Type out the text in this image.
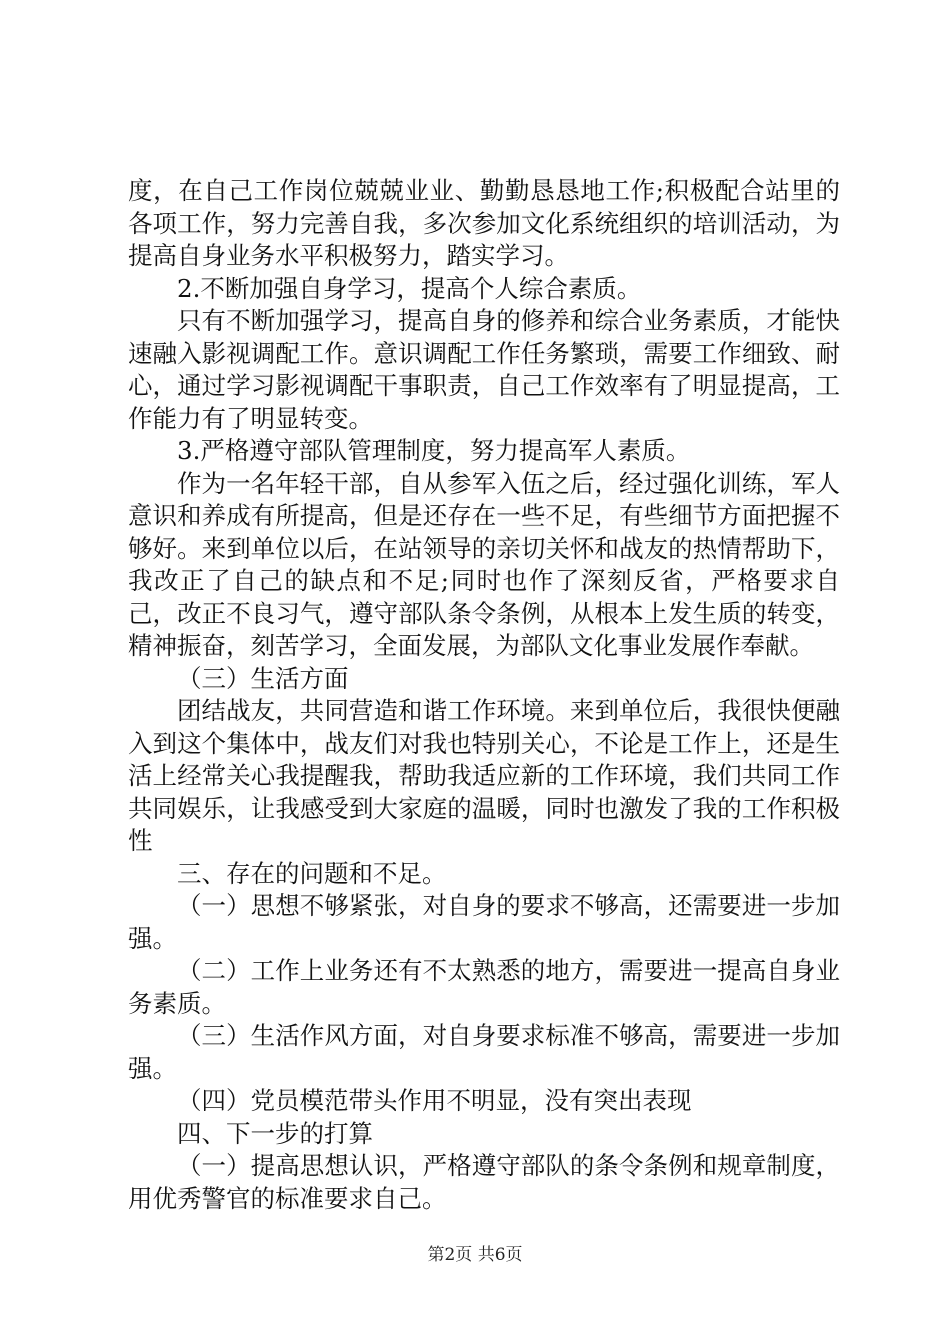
度，在自己工作岗位兢兢业业、勤勤恳恳地工作;积极配合站里的各项工作，努力完善自我，多次参加文化系统组织的培训活动，为提高自身业务水平积极努力，踏实学习。

2.不断加强自身学习，提高个人综合素质。

只有不断加强学习，提高自身的修养和综合业务素质，才能快速融入影视调配工作。意识调配工作任务繁琐，需要工作细致、耐心，通过学习影视调配干事职责，自己工作效率有了明显提高，工作能力有了明显转变。

3.严格遵守部队管理制度，努力提高军人素质。

作为一名年轻干部，自从参军入伍之后，经过强化训练，军人意识和养成有所提高，但是还存在一些不足，有些细节方面把握不够好。来到单位以后，在站领导的亲切关怀和战友的热情帮助下，我改正了自己的缺点和不足;同时也作了深刻反省，严格要求自己，改正不良习气，遵守部队条令条例，从根本上发生质的转变，精神振奋，刻苦学习，全面发展，为部队文化事业发展作奉献。

（三）生活方面

团结战友，共同营造和谐工作环境。来到单位后，我很快便融入到这个集体中，战友们对我也特别关心，不论是工作上，还是生活上经常关心我提醒我，帮助我适应新的工作环境，我们共同工作共同娱乐，让我感受到大家庭的温暖，同时也激发了我的工作积极性

三、存在的问题和不足。

（一）思想不够紧张，对自身的要求不够高，还需要进一步加强。

（二）工作上业务还有不太熟悉的地方，需要进一提高自身业务素质。

（三）生活作风方面，对自身要求标准不够高，需要进一步加强。

（四）党员模范带头作用不明显，没有突出表现

四、下一步的打算

（一）提高思想认识，严格遵守部队的条令条例和规章制度，用优秀警官的标准要求自己。

第2页 共6页
